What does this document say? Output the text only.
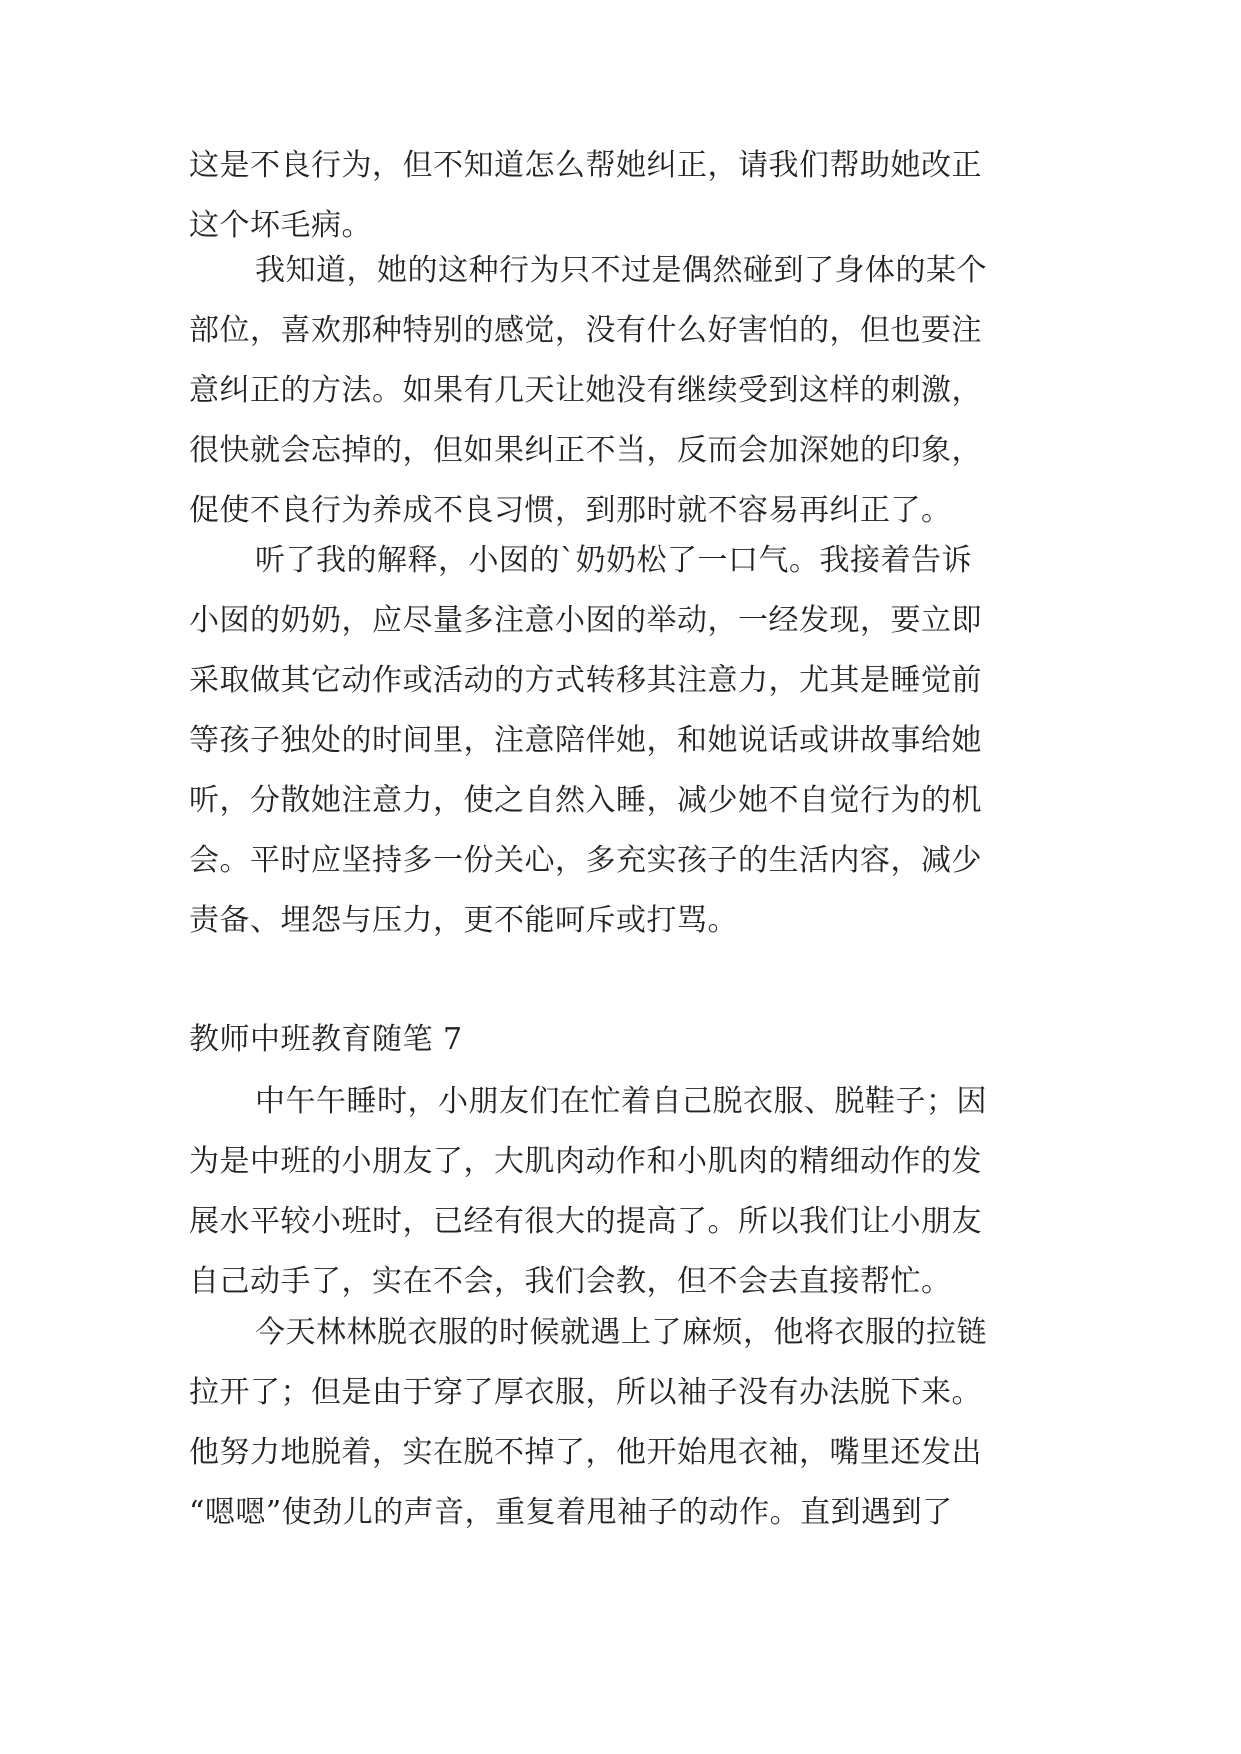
这是不良行为，但不知道怎么帮她纠正，请我们帮助她改正
这个坏毛病。
我知道，她的这种行为只不过是偶然碰到了身体的某个
部位，喜欢那种特别的感觉，没有什么好害怕的，但也要注
意纠正的方法。如果有几天让她没有继续受到这样的刺激，
很快就会忘掉的，但如果纠正不当，反而会加深她的印象，
促使不良行为养成不良习惯，到那时就不容易再纠正了。
听了我的解释，小囡的`奶奶松了一口气。我接着告诉
小囡的奶奶，应尽量多注意小囡的举动，一经发现，要立即
采取做其它动作或活动的方式转移其注意力，尤其是睡觉前
等孩子独处的时间里，注意陪伴她，和她说话或讲故事给她
听，分散她注意力，使之自然入睡，减少她不自觉行为的机
会。平时应坚持多一份关心，多充实孩子的生活内容，减少
责备、埋怨与压力，更不能呵斥或打骂。
教师中班教育随笔 7
中午午睡时，小朋友们在忙着自己脱衣服、脱鞋子；因
为是中班的小朋友了，大肌肉动作和小肌肉的精细动作的发
展水平较小班时，已经有很大的提高了。所以我们让小朋友
自己动手了，实在不会，我们会教，但不会去直接帮忙。
今天林林脱衣服的时候就遇上了麻烦，他将衣服的拉链
拉开了；但是由于穿了厚衣服，所以袖子没有办法脱下来。
他努力地脱着，实在脱不掉了，他开始甩衣袖，嘴里还发出
“嗯嗯”使劲儿的声音，重复着甩袖子的动作。直到遇到了
